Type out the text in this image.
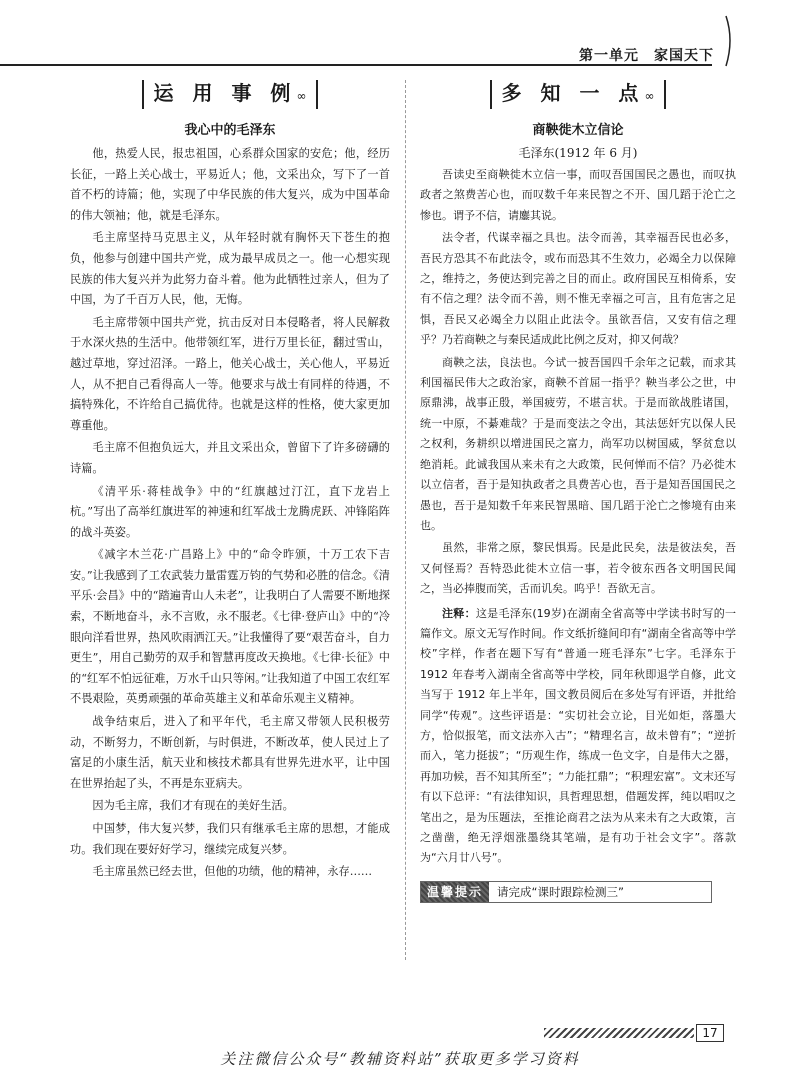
第一单元　家国天下
运 用 事 例∞
我心中的毛泽东

他，热爱人民，报忠祖国，心系群众国家的安危；他，经历长征，一路上关心战士，平易近人；他，文采出众，写下了一首首不朽的诗篇；他，实现了中华民族的伟大复兴，成为中国革命的伟大领袖；他，就是毛泽东。

毛主席坚持马克思主义，从年轻时就有胸怀天下苍生的抱负，他参与创建中国共产党，成为最早成员之一。他一心想实现民族的伟大复兴并为此努力奋斗着。他为此牺牲过亲人，但为了中国，为了千百万人民，他，无悔。

毛主席带领中国共产党，抗击反对日本侵略者，将人民解救于水深火热的生活中。他带领红军，进行万里长征，翻过雪山，越过草地，穿过沼泽。一路上，他关心战士，关心他人，平易近人，从不把自己看得高人一等。他要求与战士有同样的待遇，不搞特殊化，不许给自己搞优待。也就是这样的性格，使大家更加尊重他。

毛主席不但抱负远大，并且文采出众，曾留下了许多磅礴的诗篇。

《清平乐·蒋桂战争》中的“红旗越过汀江，直下龙岩上杭。”写出了高举红旗进军的神速和红军战士龙腾虎跃、冲锋陷阵的战斗英姿。

《减字木兰花·广昌路上》中的“命令昨颁，十万工农下吉安。”让我感到了工农武装力量雷霆万钧的气势和必胜的信念。《清平乐·会昌》中的“踏遍青山人未老”，让我明白了人需要不断地探索，不断地奋斗，永不言败，永不服老。《七律·登庐山》中的“冷眼向洋看世界，热风吹雨洒江天。”让我懂得了要“艰苦奋斗，自力更生”，用自己勤劳的双手和智慧再度改天换地。《七律·长征》中的“红军不怕远征难，万水千山只等闲。”让我知道了中国工农红军不畏艰险，英勇顽强的革命英雄主义和革命乐观主义精神。

战争结束后，进入了和平年代，毛主席又带领人民积极劳动，不断努力，不断创新，与时俱进，不断改革，使人民过上了富足的小康生活，航天业和核技术都具有世界先进水平，让中国在世界抬起了头，不再是东亚病夫。

因为毛主席，我们才有现在的美好生活。

中国梦，伟大复兴梦，我们只有继承毛主席的思想，才能成功。我们现在要好好学习，继续完成复兴梦。

毛主席虽然已经去世，但他的功绩，他的精神，永存……

多 知 一 点∞
商鞅徙木立信论
毛泽东(1912 年 6 月)

吾读史至商鞅徙木立信一事，而叹吾国国民之愚也，而叹执政者之煞费苦心也，而叹数千年来民智之不开、国几蹈于沦亡之惨也。谓予不信，请鏖其说。

法令者，代谋幸福之具也。法令而善，其幸福吾民也必多，吾民方恐其不布此法令，或布而恐其不生效力，必竭全力以保障之，维持之，务使达到完善之目的而止。政府国民互相倚系，安有不信之理？法令而不善，则不惟无幸福之可言，且有危害之足惧，吾民又必竭全力以阻止此法令。虽欲吾信，又安有信之理乎？乃若商鞅之与秦民适成此比例之反对，抑又何哉？

商鞅之法，良法也。今试一披吾国四千余年之记载，而求其利国福民伟大之政治家，商鞅不首屈一指乎？鞅当孝公之世，中原鼎沸，战事正殷，举国疲劳，不堪言状。于是而欲战胜诸国，统一中原，不綦难哉？于是而变法之令出，其法惩奸宄以保人民之权利，务耕织以增进国民之富力，尚军功以树国威，孥贫怠以绝消耗。此诚我国从来未有之大政策，民何惮而不信？乃必徙木以立信者，吾于是知执政者之具费苦心也，吾于是知吾国国民之愚也，吾于是知数千年来民智黑暗、国几蹈于沦亡之惨境有由来也。

虽然，非常之原，黎民惧焉。民是此民矣，法是彼法矣，吾又何怪焉？吾特恐此徙木立信一事，若令彼东西各文明国民闻之，当必捧腹而笑，舌而讥矣。呜乎！吾欲无言。

注释：这是毛泽东(19岁)在湖南全省高等中学读书时写的一篇作文。原文无写作时间。作文纸折缝间印有“湖南全省高等中学校”字样，作者在题下写有“普通一班毛泽东”七字。毛泽东于 1912 年春考入湖南全省高等中学校，同年秋即退学自修，此文当写于 1912 年上半年，国文教员阅后在多处写有评语，并批给同学“传观”。这些评语是：“实切社会立论，目光如炬，落墨大方，恰似报笔，而文法亦入古”；“精理名言，故未曾有”；“逆折而入，笔力挺拔”；“历观生作，练成一色文字，自是伟大之器，再加功候，吾不知其所至”；“力能扛鼎”；“积理宏富”。文末还写有以下总评：“有法律知识，具哲理思想，借题发挥，纯以唱叹之笔出之，是为压题法，至推论商君之法为从来未有之大政策，言之凿凿，绝无浮烟涨墨绕其笔端，是有功于社会文字”。落款为“六月廿八号”。

温馨提示	请完成“课时跟踪检测三”
17
关注微信公众号“教辅资料站”获取更多学习资料
